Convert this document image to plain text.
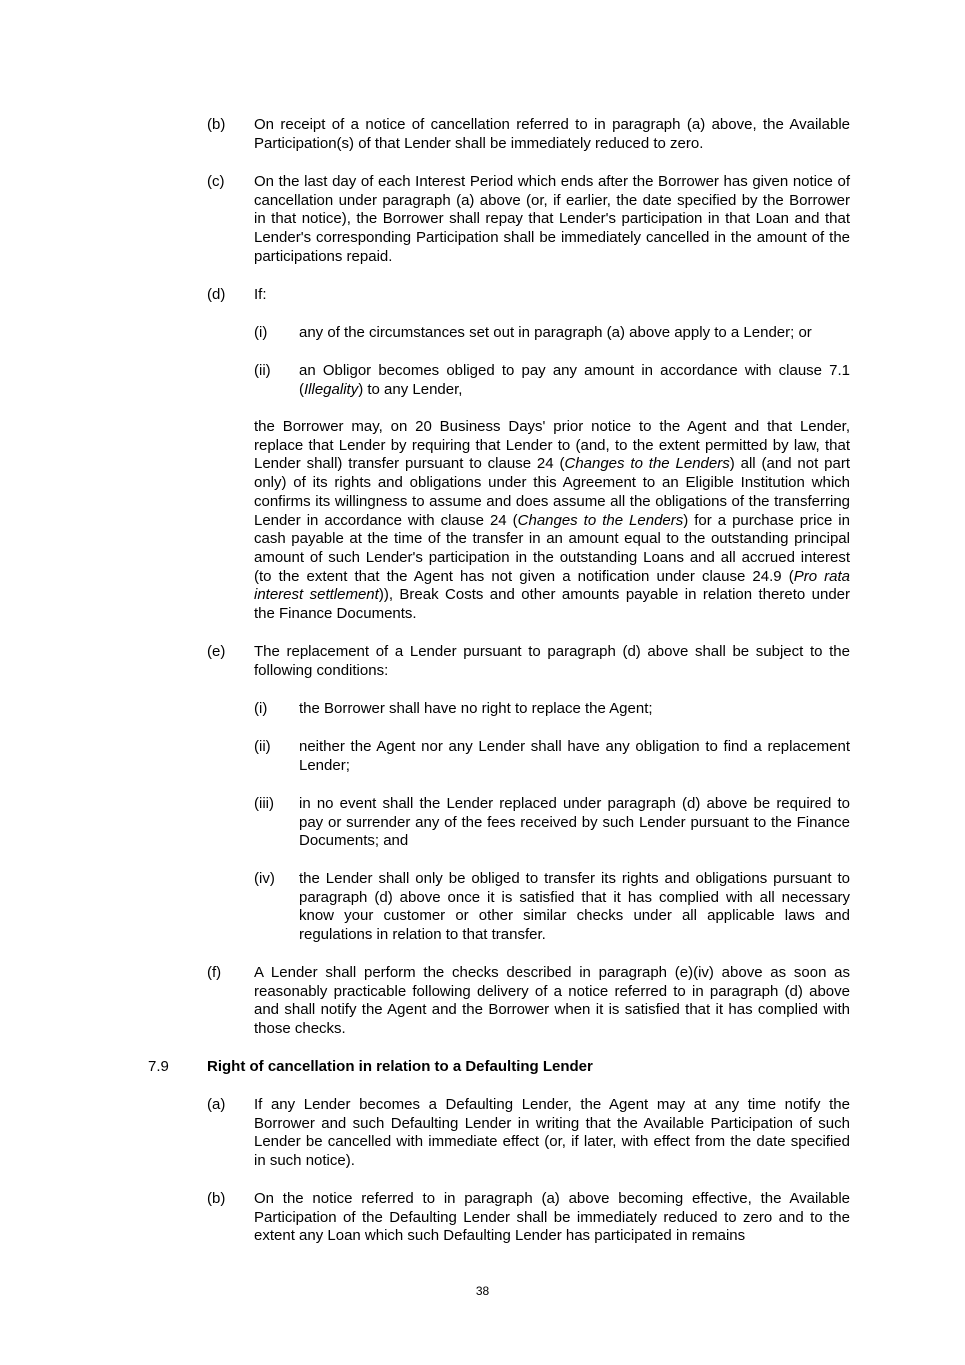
(b) On receipt of a notice of cancellation referred to in paragraph (a) above, the Available Participation(s) of that Lender shall be immediately reduced to zero.
(c) On the last day of each Interest Period which ends after the Borrower has given notice of cancellation under paragraph (a) above (or, if earlier, the date specified by the Borrower in that notice), the Borrower shall repay that Lender's participation in that Loan and that Lender's corresponding Participation shall be immediately cancelled in the amount of the participations repaid.
(d) If:
(i) any of the circumstances set out in paragraph (a) above apply to a Lender; or
(ii) an Obligor becomes obliged to pay any amount in accordance with clause 7.1 (Illegality) to any Lender,
the Borrower may, on 20 Business Days' prior notice to the Agent and that Lender, replace that Lender by requiring that Lender to (and, to the extent permitted by law, that Lender shall) transfer pursuant to clause 24 (Changes to the Lenders) all (and not part only) of its rights and obligations under this Agreement to an Eligible Institution which confirms its willingness to assume and does assume all the obligations of the transferring Lender in accordance with clause 24 (Changes to the Lenders) for a purchase price in cash payable at the time of the transfer in an amount equal to the outstanding principal amount of such Lender's participation in the outstanding Loans and all accrued interest (to the extent that the Agent has not given a notification under clause 24.9 (Pro rata interest settlement)), Break Costs and other amounts payable in relation thereto under the Finance Documents.
(e) The replacement of a Lender pursuant to paragraph (d) above shall be subject to the following conditions:
(i) the Borrower shall have no right to replace the Agent;
(ii) neither the Agent nor any Lender shall have any obligation to find a replacement Lender;
(iii) in no event shall the Lender replaced under paragraph (d) above be required to pay or surrender any of the fees received by such Lender pursuant to the Finance Documents; and
(iv) the Lender shall only be obliged to transfer its rights and obligations pursuant to paragraph (d) above once it is satisfied that it has complied with all necessary know your customer or other similar checks under all applicable laws and regulations in relation to that transfer.
(f) A Lender shall perform the checks described in paragraph (e)(iv) above as soon as reasonably practicable following delivery of a notice referred to in paragraph (d) above and shall notify the Agent and the Borrower when it is satisfied that it has complied with those checks.
7.9	Right of cancellation in relation to a Defaulting Lender
(a) If any Lender becomes a Defaulting Lender, the Agent may at any time notify the Borrower and such Defaulting Lender in writing that the Available Participation of such Lender be cancelled with immediate effect (or, if later, with effect from the date specified in such notice).
(b) On the notice referred to in paragraph (a) above becoming effective, the Available Participation of the Defaulting Lender shall be immediately reduced to zero and to the extent any Loan which such Defaulting Lender has participated in remains
38
